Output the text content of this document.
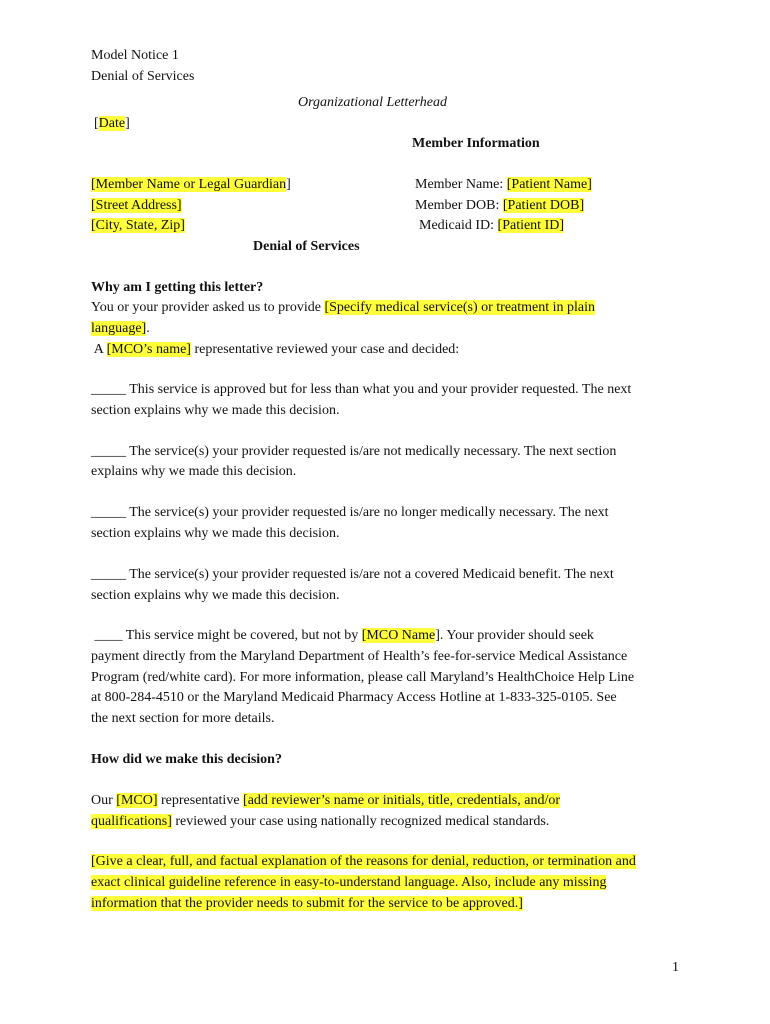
Model Notice 1
Denial of Services
Organizational Letterhead
[Date]
Member Information
[Member Name or Legal Guardian]
[Street Address]
[City, State, Zip]
Member Name: [Patient Name]
Member DOB: [Patient DOB]
Medicaid ID: [Patient ID]
Denial of Services
Why am I getting this letter?
You or your provider asked us to provide [Specify medical service(s) or treatment in plain
language].
A [MCO’s name] representative reviewed your case and decided:
_____ This service is approved but for less than what you and your provider requested. The next
section explains why we made this decision.
_____ The service(s) your provider requested is/are not medically necessary. The next section
explains why we made this decision.
_____ The service(s) your provider requested is/are no longer medically necessary. The next
section explains why we made this decision.
_____ The service(s) your provider requested is/are not a covered Medicaid benefit. The next
section explains why we made this decision.
____ This service might be covered, but not by [MCO Name]. Your provider should seek
payment directly from the Maryland Department of Health’s fee-for-service Medical Assistance
Program (red/white card). For more information, please call Maryland’s HealthChoice Help Line
at 800-284-4510 or the Maryland Medicaid Pharmacy Access Hotline at 1-833-325-0105. See
the next section for more details.
How did we make this decision?
Our [MCO] representative [add reviewer’s name or initials, title, credentials, and/or
qualifications] reviewed your case using nationally recognized medical standards.
[Give a clear, full, and factual explanation of the reasons for denial, reduction, or termination and
exact clinical guideline reference in easy-to-understand language. Also, include any missing
information that the provider needs to submit for the service to be approved.]
1
